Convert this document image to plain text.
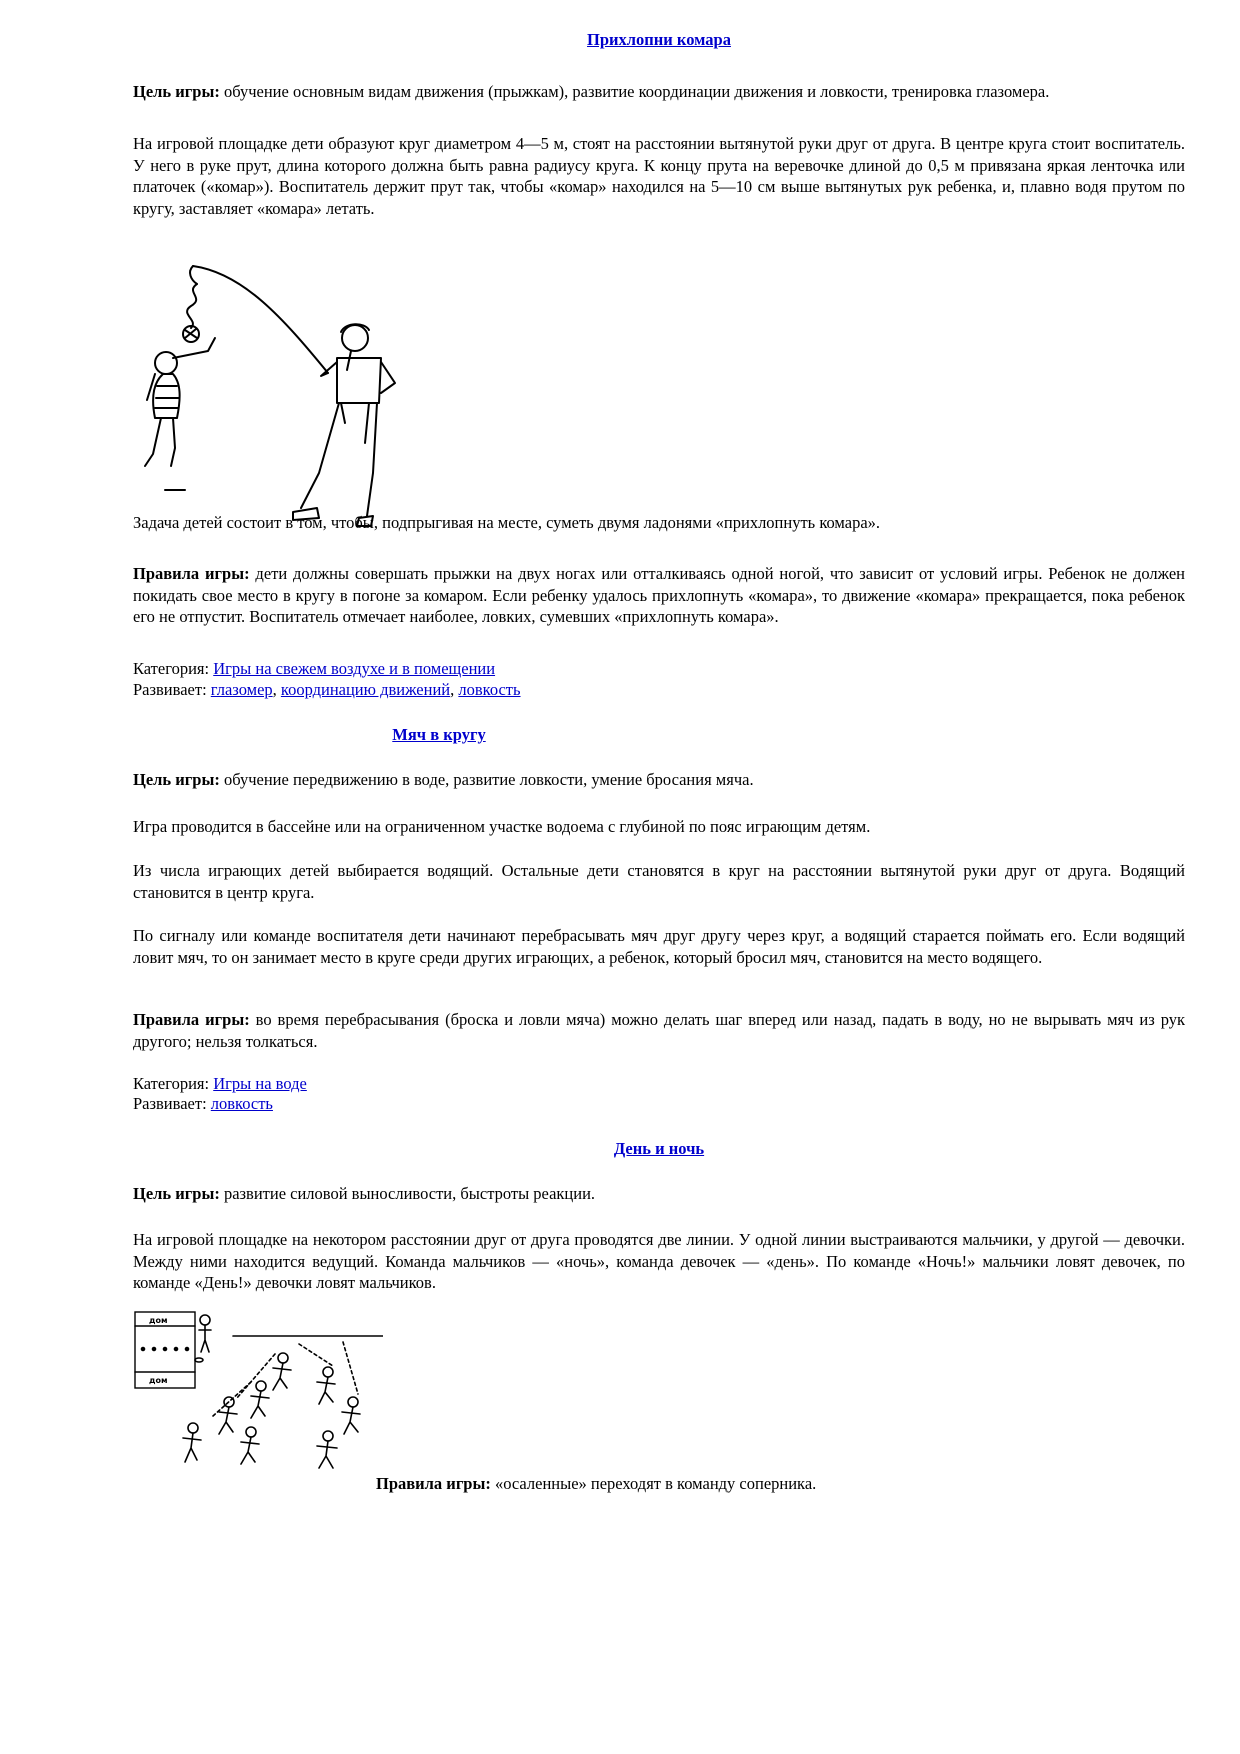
Прихлопни комара
Цель игры: обучение основным видам движения (прыжкам), развитие координации движения и ловкости, тренировка глазомера.
На игровой площадке дети образуют круг диаметром 4—5 м, стоят на расстоянии вытянутой руки друг от друга. В центре круга стоит воспитатель. У него в руке прут, длина которого должна быть равна радиусу круга. К концу прута на веревочке длиной до 0,5 м привязана яркая ленточка или платочек («комар»). Воспитатель держит прут так, чтобы «комар» находился на 5—10 см выше вытянутых рук ребенка, и, плавно водя прутом по кругу, заставляет «комара» летать.
Задача детей состоит в том, чтобы, подпрыгивая на месте, суметь двумя ладонями «прихлопнуть комара».
Правила игры: дети должны совершать прыжки на двух ногах или отталкиваясь одной ногой, что зависит от условий игры. Ребенок не должен покидать свое место в кругу в погоне за комаром. Если ребенку удалось прихлопнуть «комара», то движение «комара» прекращается, пока ребенок его не отпустит. Воспитатель отмечает наиболее, ловких, сумевших «прихлопнуть комара».
Категория: Игры на свежем воздухе и в помещении
Развивает: глазомер, координацию движений, ловкость
Мяч в кругу
Цель игры: обучение передвижению в воде, развитие ловкости, умение бросания мяча.
Игра проводится в бассейне или на ограниченном участке водоема с глубиной по пояс играющим детям.
Из числа играющих детей выбирается водящий. Остальные дети становятся в круг на расстоянии вытянутой руки друг от друга. Водящий становится в центр круга.
По сигналу или команде воспитателя дети начинают перебрасывать мяч друг другу через круг, а водящий старается поймать его. Если водящий ловит мяч, то он занимает место в круге среди других играющих, а ребенок, который бросил мяч, становится на место водящего.
Правила игры: во время перебрасывания (броска и ловли мяча) можно делать шаг вперед или назад, падать в воду, но не вырывать мяч из рук другого; нельзя толкаться.
Категория: Игры на воде
Развивает: ловкость
День и ночь
Цель игры: развитие силовой выносливости, быстроты реакции.
На игровой площадке на некотором расстоянии друг от друга проводятся две линии. У одной линии выстраиваются мальчики, у другой — девочки. Между ними находится ведущий. Команда мальчиков — «ночь», команда девочек — «день». По команде «Ночь!» мальчики ловят девочек, по команде «День!» девочки ловят мальчиков.
дом
дом
Правила игры: «осаленные» переходят в команду соперника.
